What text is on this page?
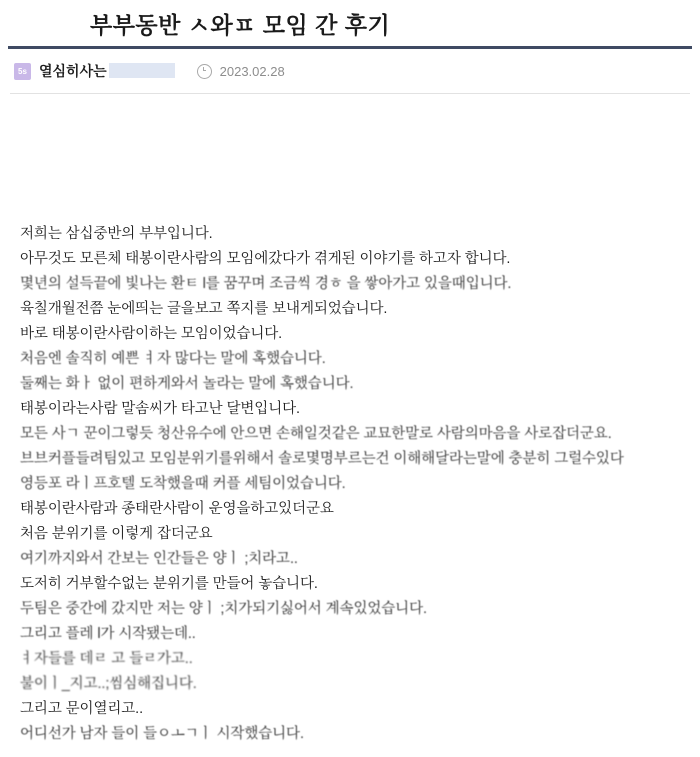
부부동반 ㅅ와ㅍ 모임 간 후기
5s 열심히사는	2023.02.28
저희는 삼십중반의 부부입니다.
아무것도 모른체 태봉이란사람의 모임에갔다가 겪게된 이야기를 하고자 합니다.
몇년의 설득끝에 빛나는 환ㅌ ﻿l를 꿈꾸며 조금씩 경﻿ㅎ 을 쌓아가고 있을때입니다.
육칠개월전쯤 눈에띄는 글을보고 쪽지를 보내게되었습니다.
바로 태봉이란사람이하는 모임이었습니다.
처음엔 솔직히 예쁜 ﻿ㅕ자 많다는 말에 혹했습니다.
둘째는 화ㅏ 없이 편하게와서 놀라는 말에 혹했습니다.
태봉이라는사람 말솜씨가 타고난 달변입니다.
모든 사ㄱ 꾼이그렇듯 청산유수에 안으면 손해일것같은 교묘한말로 사람의마음을 사로잡더군요.
브브커플들려팀있고 모임분위기를위해서 솔로몇명부르는건 이해해달라는말에 충분히 그럴수있다
영등포 라ㅣ프호텔 도착했을때 커플 세팀이었습니다.
태봉이란사람과 종태란사람이 운영을하고있더군요
처음 분위기를 이렇게 잡더군요
여기까지와서 간보는 인간들은 양ㅣ ﻿;치라고..
도저히 거부할수없는 분위기를 만들어 놓습니다.
두팀은 중간에 갔지만 저는 양﻿ㅣ ﻿;치가되기싫어서 계속있었습니다.
그리고 플레 l가 시작됐는데..
﻿ㅕ자들를 데ㄹ 고 ﻿들ㄹ가고..
불이﻿ㅣ_지고..﻿;씸심해집니다.
그리고 문이열리고..
어디선가 남자 들이 ﻿들ㅇㅗㄱㅣ 시작했습니다.
